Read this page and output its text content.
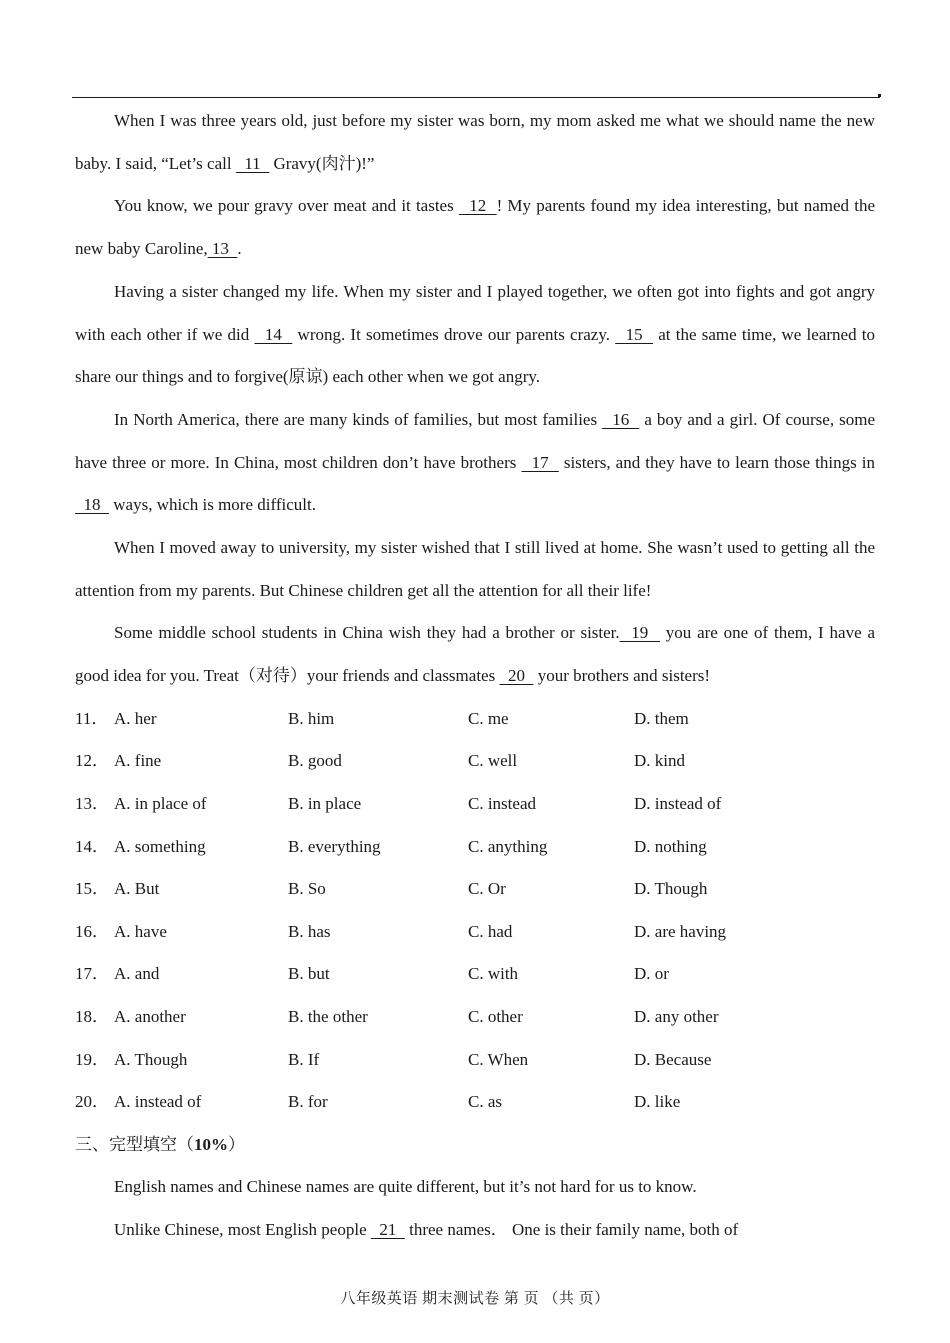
When I was three years old, just before my sister was born, my mom asked me what we should name the new baby. I said, “Let’s call   11   Gravy(肉汁)!”

You know, we pour gravy over meat and it tastes   12  ! My parents found my idea interesting, but named the new baby Caroline, 13  .

Having a sister changed my life. When my sister and I played together, we often got into fights and got angry with each other if we did   14   wrong. It sometimes drove our parents crazy.   15   at the same time, we learned to share our things and to forgive(原谅) each other when we got angry.

In North America, there are many kinds of families, but most families   16   a boy and a girl. Of course, some have three or more. In China, most children don’t have brothers   17   sisters, and they have to learn those things in   18   ways, which is more difficult.

When I moved away to university, my sister wished that I still lived at home. She wasn’t used to getting all the attention from my parents. But Chinese children get all the attention for all their life!

Some middle school students in China wish they had a brother or sister.  19   you are one of them, I have a good idea for you. Treat（对待）your friends and classmates   20   your brothers and sisters!

11． A. her	B. him	C. me	D. them
12． A. fine	B. good	C. well	D. kind
13． A. in place of	B. in place	C. instead	D. instead of
14． A. something	B. everything	C. anything	D. nothing
15． A. But	B. So	C. Or	D. Though
16． A. have	B. has	C. had	D. are having
17． A. and	B. but	C. with	D. or
18． A. another	B. the other	C. other	D. any other
19． A. Though	B. If	C. When	D. Because
20． A. instead of	B. for	C. as	D. like
三、完型填空（10%）

English names and Chinese names are quite different, but it’s not hard for us to know.

Unlike Chinese, most English people   21   three names． One is their family name, both of

八年级英语 期末测试卷 第 页 （共 页）
